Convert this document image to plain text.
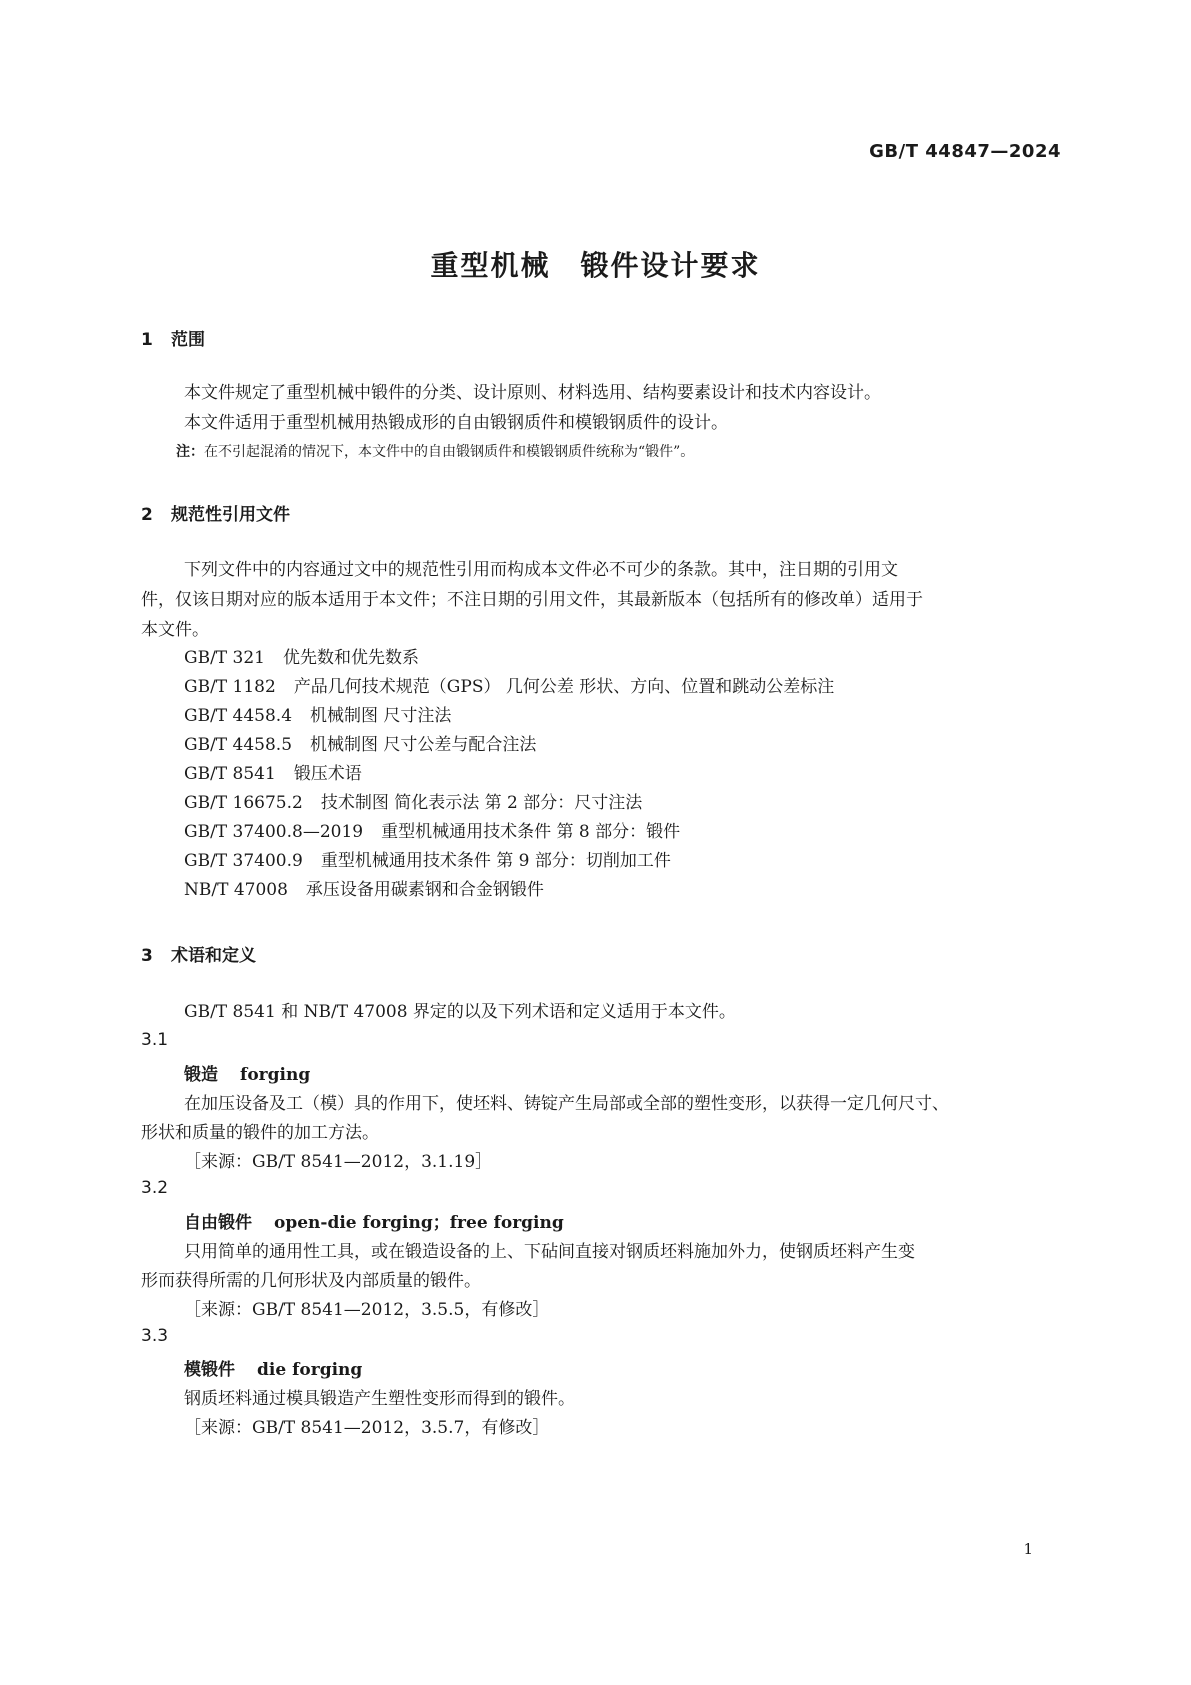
GB/T 44847—2024
重型机械 锻件设计要求
1 范围
本文件规定了重型机械中锻件的分类、设计原则、材料选用、结构要素设计和技术内容设计。
本文件适用于重型机械用热锻成形的自由锻钢质件和模锻钢质件的设计。
注：在不引起混淆的情况下，本文件中的自由锻钢质件和模锻钢质件统称为“锻件”。
2 规范性引用文件
下列文件中的内容通过文中的规范性引用而构成本文件必不可少的条款。其中，注日期的引用文
件，仅该日期对应的版本适用于本文件；不注日期的引用文件，其最新版本（包括所有的修改单）适用于
本文件。
GB/T 321 优先数和优先数系
GB/T 1182 产品几何技术规范（GPS） 几何公差 形状、方向、位置和跳动公差标注
GB/T 4458.4 机械制图 尺寸注法
GB/T 4458.5 机械制图 尺寸公差与配合注法
GB/T 8541 锻压术语
GB/T 16675.2 技术制图 简化表示法 第 2 部分：尺寸注法
GB/T 37400.8—2019 重型机械通用技术条件 第 8 部分：锻件
GB/T 37400.9 重型机械通用技术条件 第 9 部分：切削加工件
NB/T 47008 承压设备用碳素钢和合金钢锻件
3 术语和定义
GB/T 8541 和 NB/T 47008 界定的以及下列术语和定义适用于本文件。
3.1
锻造 forging
在加压设备及工（模）具的作用下，使坯料、铸锭产生局部或全部的塑性变形，以获得一定几何尺寸、
形状和质量的锻件的加工方法。
［来源：GB/T 8541—2012，3.1.19］
3.2
自由锻件 open-die forging；free forging
只用简单的通用性工具，或在锻造设备的上、下砧间直接对钢质坯料施加外力，使钢质坯料产生变
形而获得所需的几何形状及内部质量的锻件。
［来源：GB/T 8541—2012，3.5.5，有修改］
3.3
模锻件 die forging
钢质坯料通过模具锻造产生塑性变形而得到的锻件。
［来源：GB/T 8541—2012，3.5.7，有修改］
1
